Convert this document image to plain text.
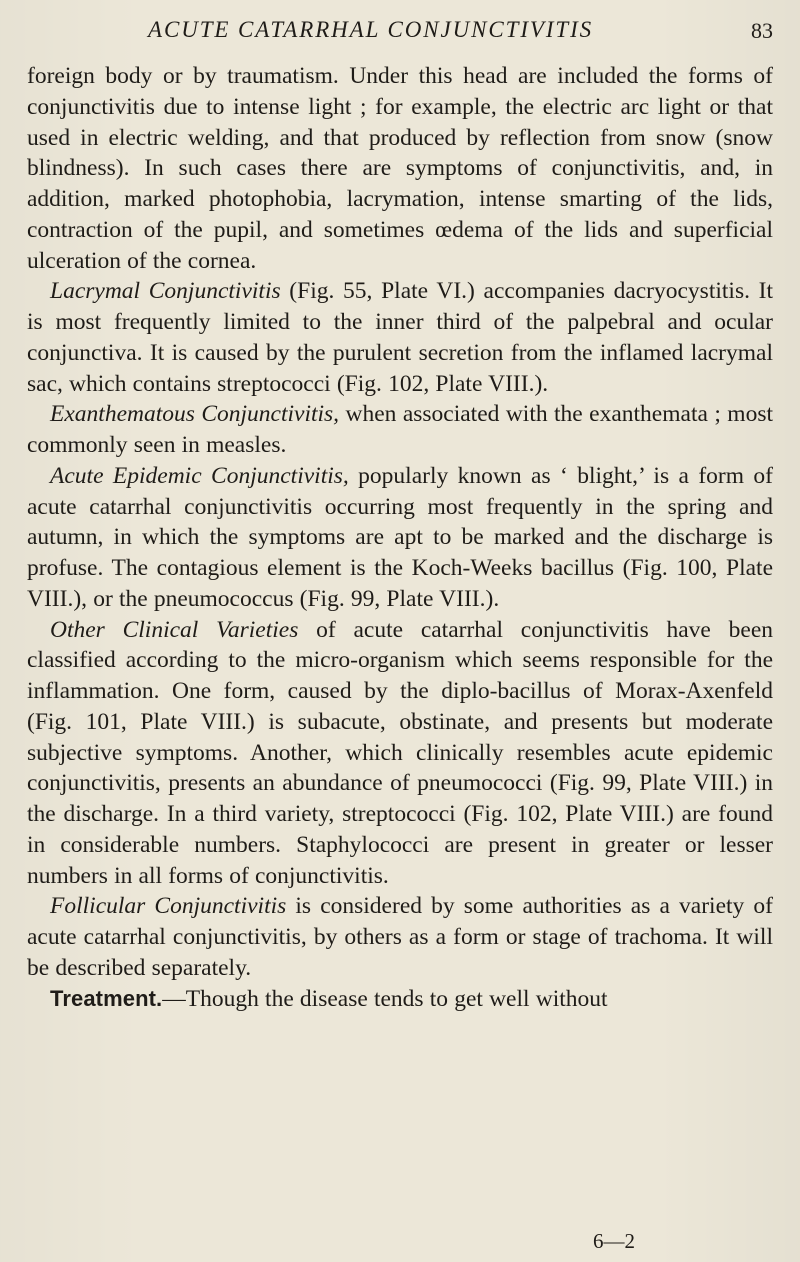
ACUTE CATARRHAL CONJUNCTIVITIS	83

foreign body or by traumatism. Under this head are included the forms of conjunctivitis due to intense light ; for example, the electric arc light or that used in electric welding, and that produced by reflection from snow (snow blindness). In such cases there are symptoms of conjunctivitis, and, in addition, marked photophobia, lacrymation, intense smarting of the lids, contraction of the pupil, and sometimes œdema of the lids and superficial ulceration of the cornea.

Lacrymal Conjunctivitis (Fig. 55, Plate VI.) accompanies dacryocystitis. It is most frequently limited to the inner third of the palpebral and ocular conjunctiva. It is caused by the purulent secretion from the inflamed lacrymal sac, which contains streptococci (Fig. 102, Plate VIII.).

Exanthematous Conjunctivitis, when associated with the exanthemata ; most commonly seen in measles.

Acute Epidemic Conjunctivitis, popularly known as ‘ blight,’ is a form of acute catarrhal conjunctivitis occurring most frequently in the spring and autumn, in which the symptoms are apt to be marked and the discharge is profuse. The contagious element is the Koch-Weeks bacillus (Fig. 100, Plate VIII.), or the pneumococcus (Fig. 99, Plate VIII.).

Other Clinical Varieties of acute catarrhal conjunctivitis have been classified according to the micro-organism which seems responsible for the inflammation. One form, caused by the diplo-bacillus of Morax-Axenfeld (Fig. 101, Plate VIII.) is subacute, obstinate, and presents but moderate subjective symptoms. Another, which clinically resembles acute epidemic conjunctivitis, presents an abundance of pneumococci (Fig. 99, Plate VIII.) in the discharge. In a third variety, streptococci (Fig. 102, Plate VIII.) are found in considerable numbers. Staphylococci are present in greater or lesser numbers in all forms of conjunctivitis.

Follicular Conjunctivitis is considered by some authorities as a variety of acute catarrhal conjunctivitis, by others as a form or stage of trachoma. It will be described separately.

Treatment.—Though the disease tends to get well without

6—2
